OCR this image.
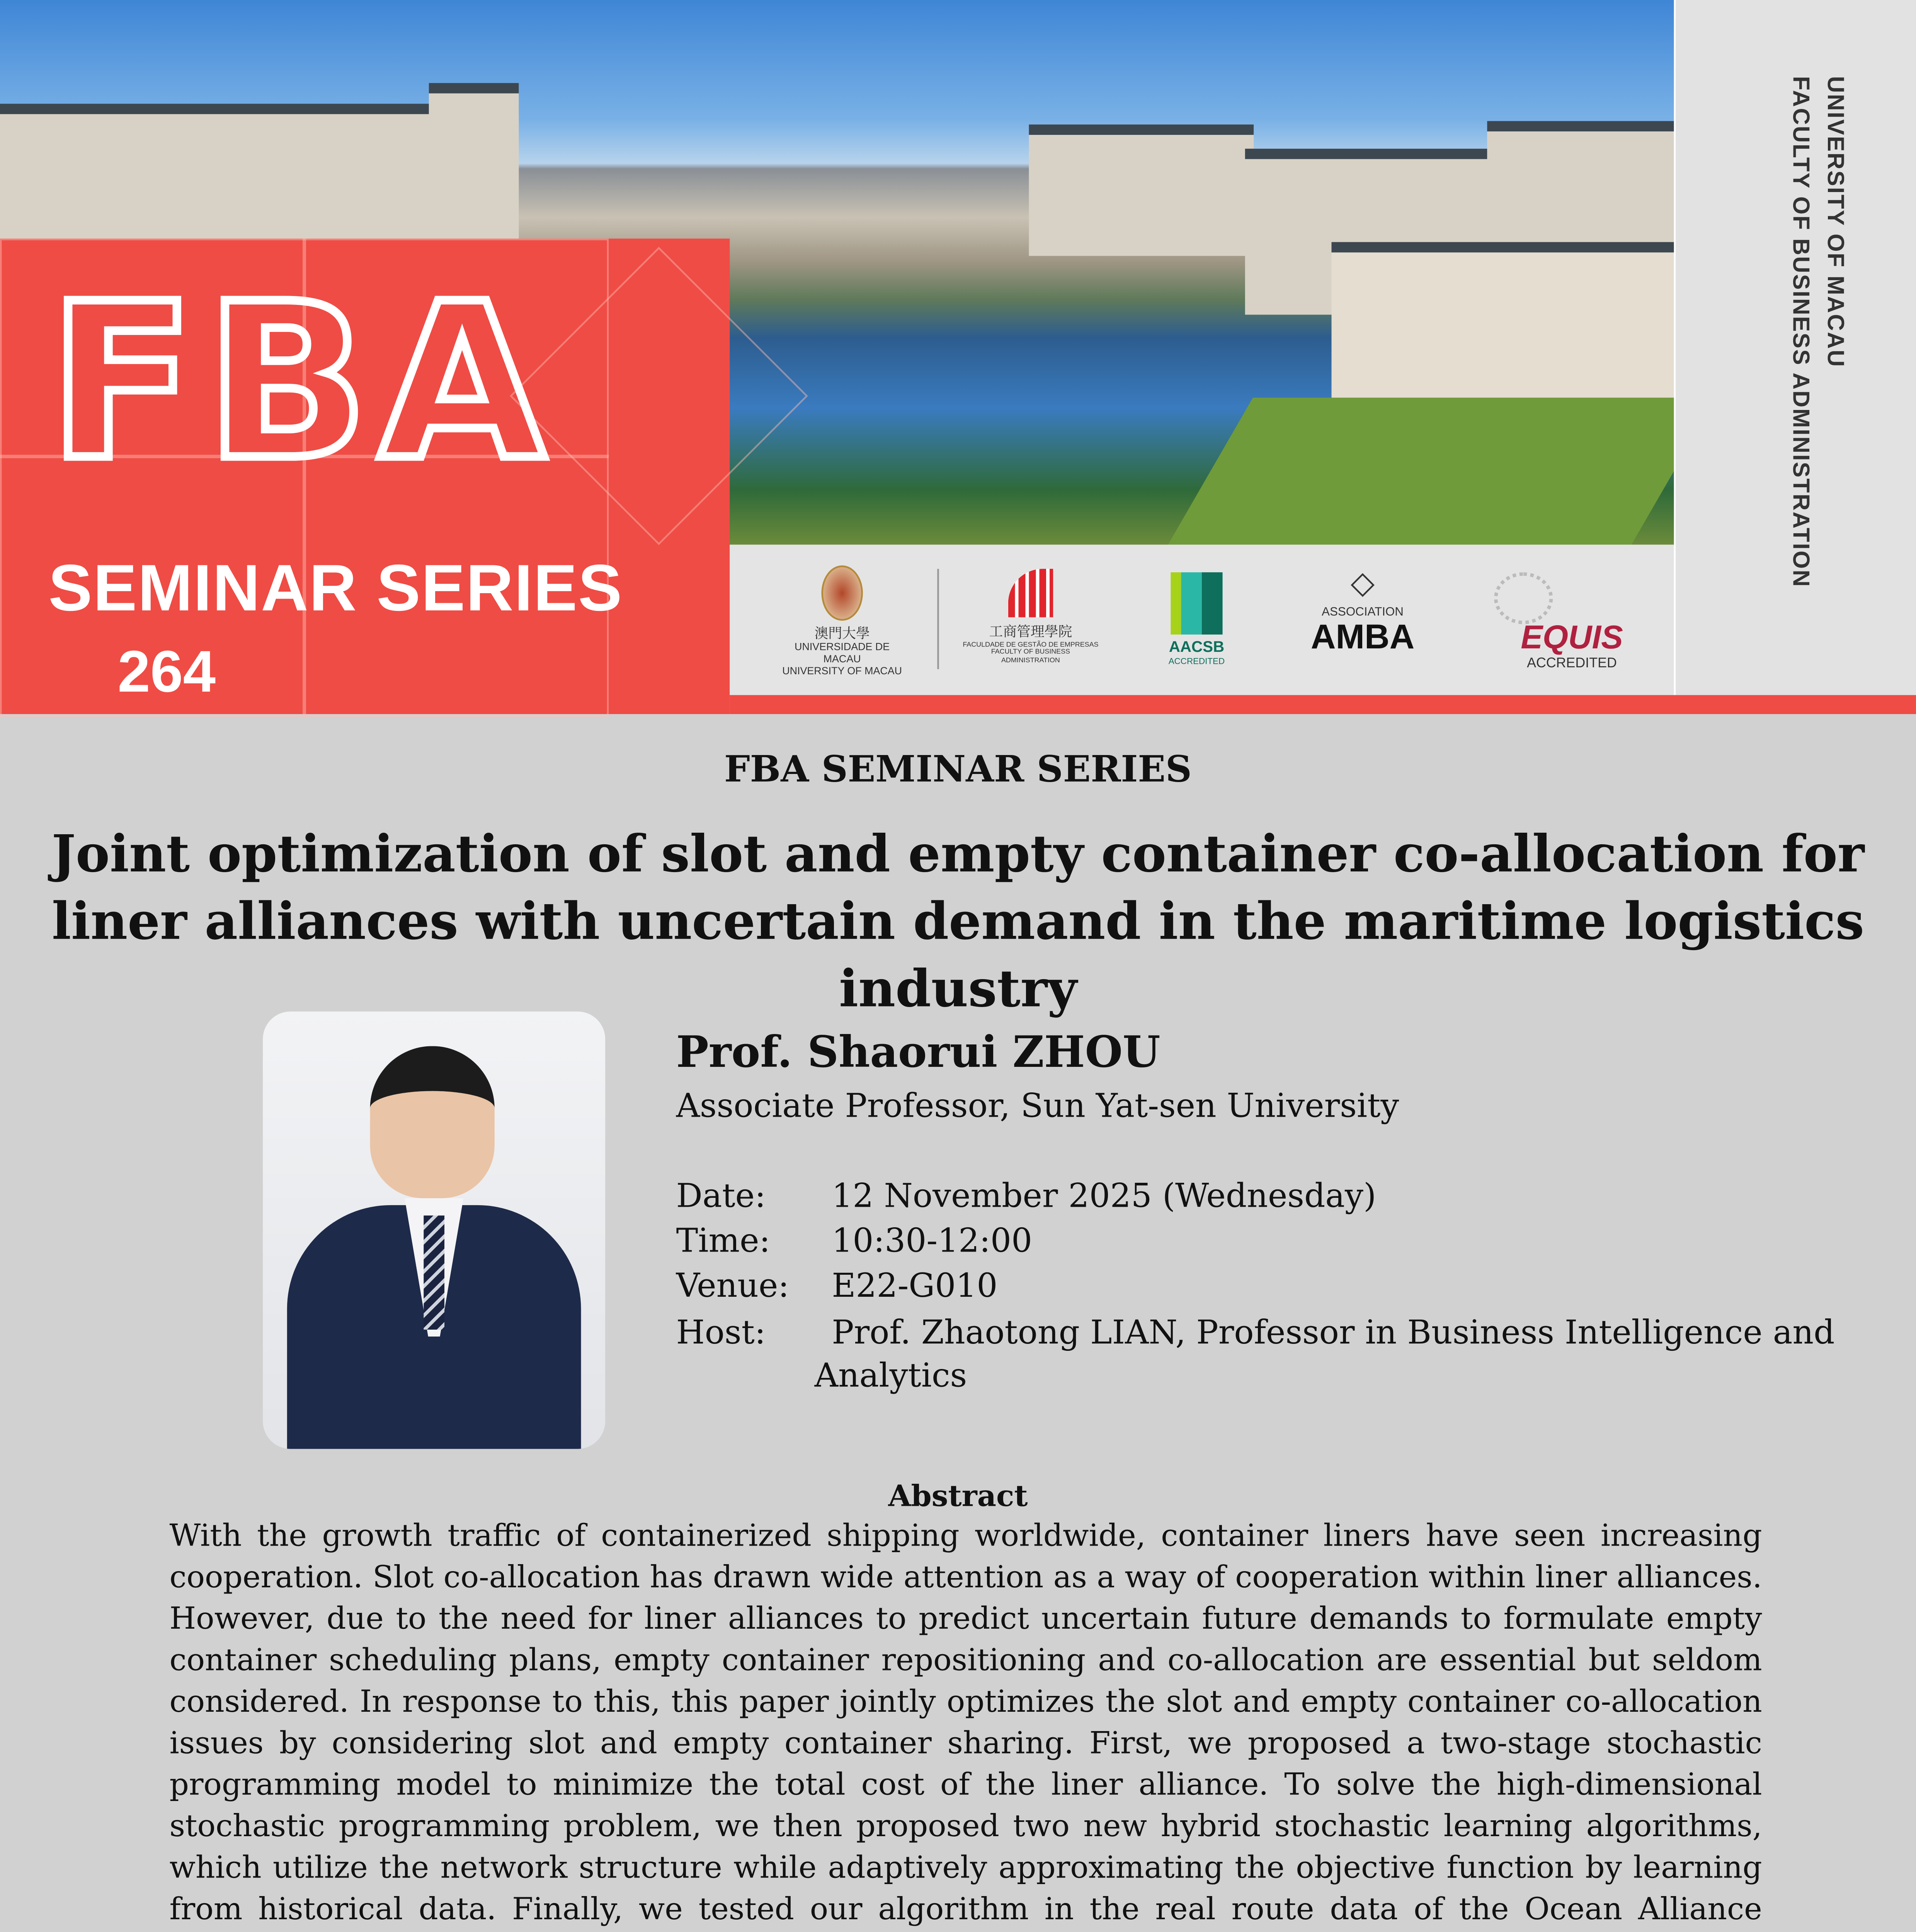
FBA
SEMINAR SERIES
264
澳門大學
UNIVERSIDADE DE MACAU
UNIVERSITY OF MACAU
工商管理學院
FACULDADE DE GESTÃO DE EMPRESAS
FACULTY OF BUSINESS ADMINISTRATION
AACSB
ACCREDITED
◇
ASSOCIATION
AMBA	EQUIS
ACCREDITED
UNIVERSITY OF MACAU
FACULTY OF BUSINESS ADMINISTRATION
FBA SEMINAR SERIES
Joint optimization of slot and empty container co-allocation for liner alliances with uncertain demand in the maritime logistics industry
Prof. Shaorui ZHOU
Associate Professor, Sun Yat-sen University
Date:	12 November 2025 (Wednesday)
Time:	10:30-12:00
Venue:	E22-G010
Host:	Prof. Zhaotong LIAN, Professor in Business Intelligence and
Analytics
Abstract
With the growth traffic of containerized shipping worldwide, container liners have seen increasing cooperation. Slot co-allocation has drawn wide attention as a way of cooperation within liner alliances. However, due to the need for liner alliances to predict uncertain future demands to formulate empty container scheduling plans, empty container repositioning and co-allocation are essential but seldom considered. In response to this, this paper jointly optimizes the slot and empty container co-allocation issues by considering slot and empty container sharing. First, we proposed a two-stage stochastic programming model to minimize the total cost of the liner alliance. To solve the high-dimensional stochastic programming problem, we then proposed two new hybrid stochastic learning algorithms, which utilize the network structure while adaptively approximating the objective function by learning from historical data. Finally, we tested our algorithm in the real route data of the Ocean Alliance
